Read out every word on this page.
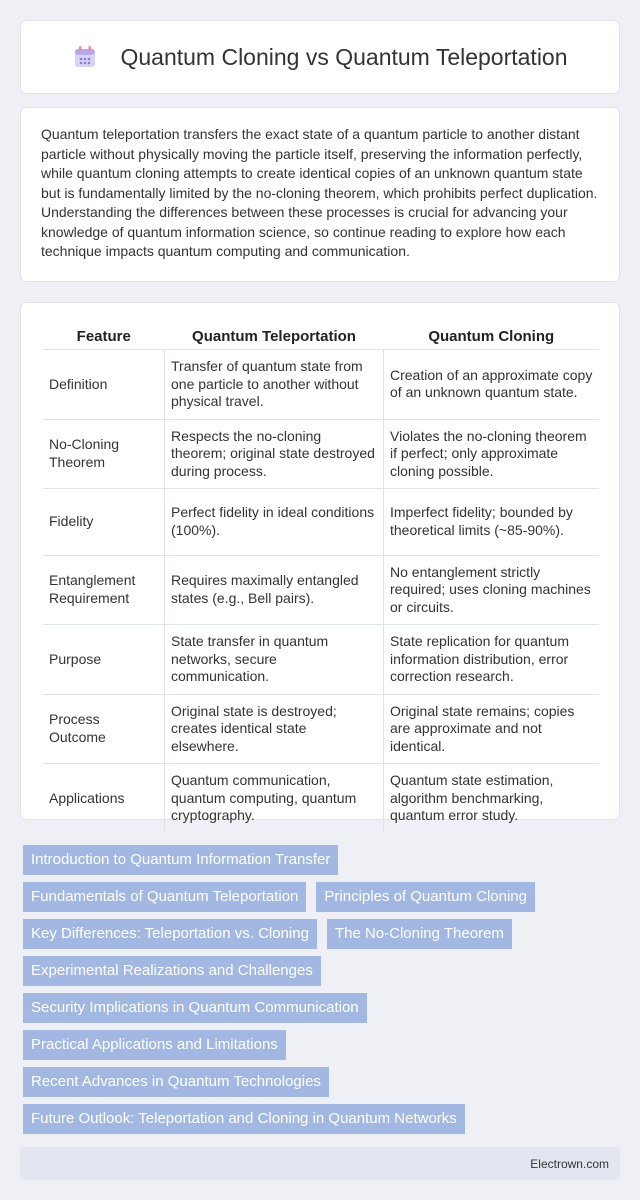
Quantum Cloning vs Quantum Teleportation

Quantum teleportation transfers the exact state of a quantum particle to another distant particle without physically moving the particle itself, preserving the information perfectly, while quantum cloning attempts to create identical copies of an unknown quantum state but is fundamentally limited by the no-cloning theorem, which prohibits perfect duplication. Understanding the differences between these processes is crucial for advancing your knowledge of quantum information science, so continue reading to explore how each technique impacts quantum computing and communication.

Feature	Quantum Teleportation	Quantum Cloning
Definition	Transfer of quantum state from one particle to another without physical travel.	Creation of an approximate copy of an unknown quantum state.
No-Cloning Theorem	Respects the no-cloning theorem; original state destroyed during process.	Violates the no-cloning theorem if perfect; only approximate cloning possible.
Fidelity	Perfect fidelity in ideal conditions (100%).	Imperfect fidelity; bounded by theoretical limits (~85-90%).
Entanglement Requirement	Requires maximally entangled states (e.g., Bell pairs).	No entanglement strictly required; uses cloning machines or circuits.
Purpose	State transfer in quantum networks, secure communication.	State replication for quantum information distribution, error correction research.
Process Outcome	Original state is destroyed; creates identical state elsewhere.	Original state remains; copies are approximate and not identical.
Applications	Quantum communication, quantum computing, quantum cryptography.	Quantum state estimation, algorithm benchmarking, quantum error study.
Introduction to Quantum Information Transfer
Fundamentals of Quantum Teleportation	Principles of Quantum Cloning
Key Differences: Teleportation vs. Cloning	The No-Cloning Theorem
Experimental Realizations and Challenges
Security Implications in Quantum Communication
Practical Applications and Limitations
Recent Advances in Quantum Technologies
Future Outlook: Teleportation and Cloning in Quantum Networks
Electrown.com
